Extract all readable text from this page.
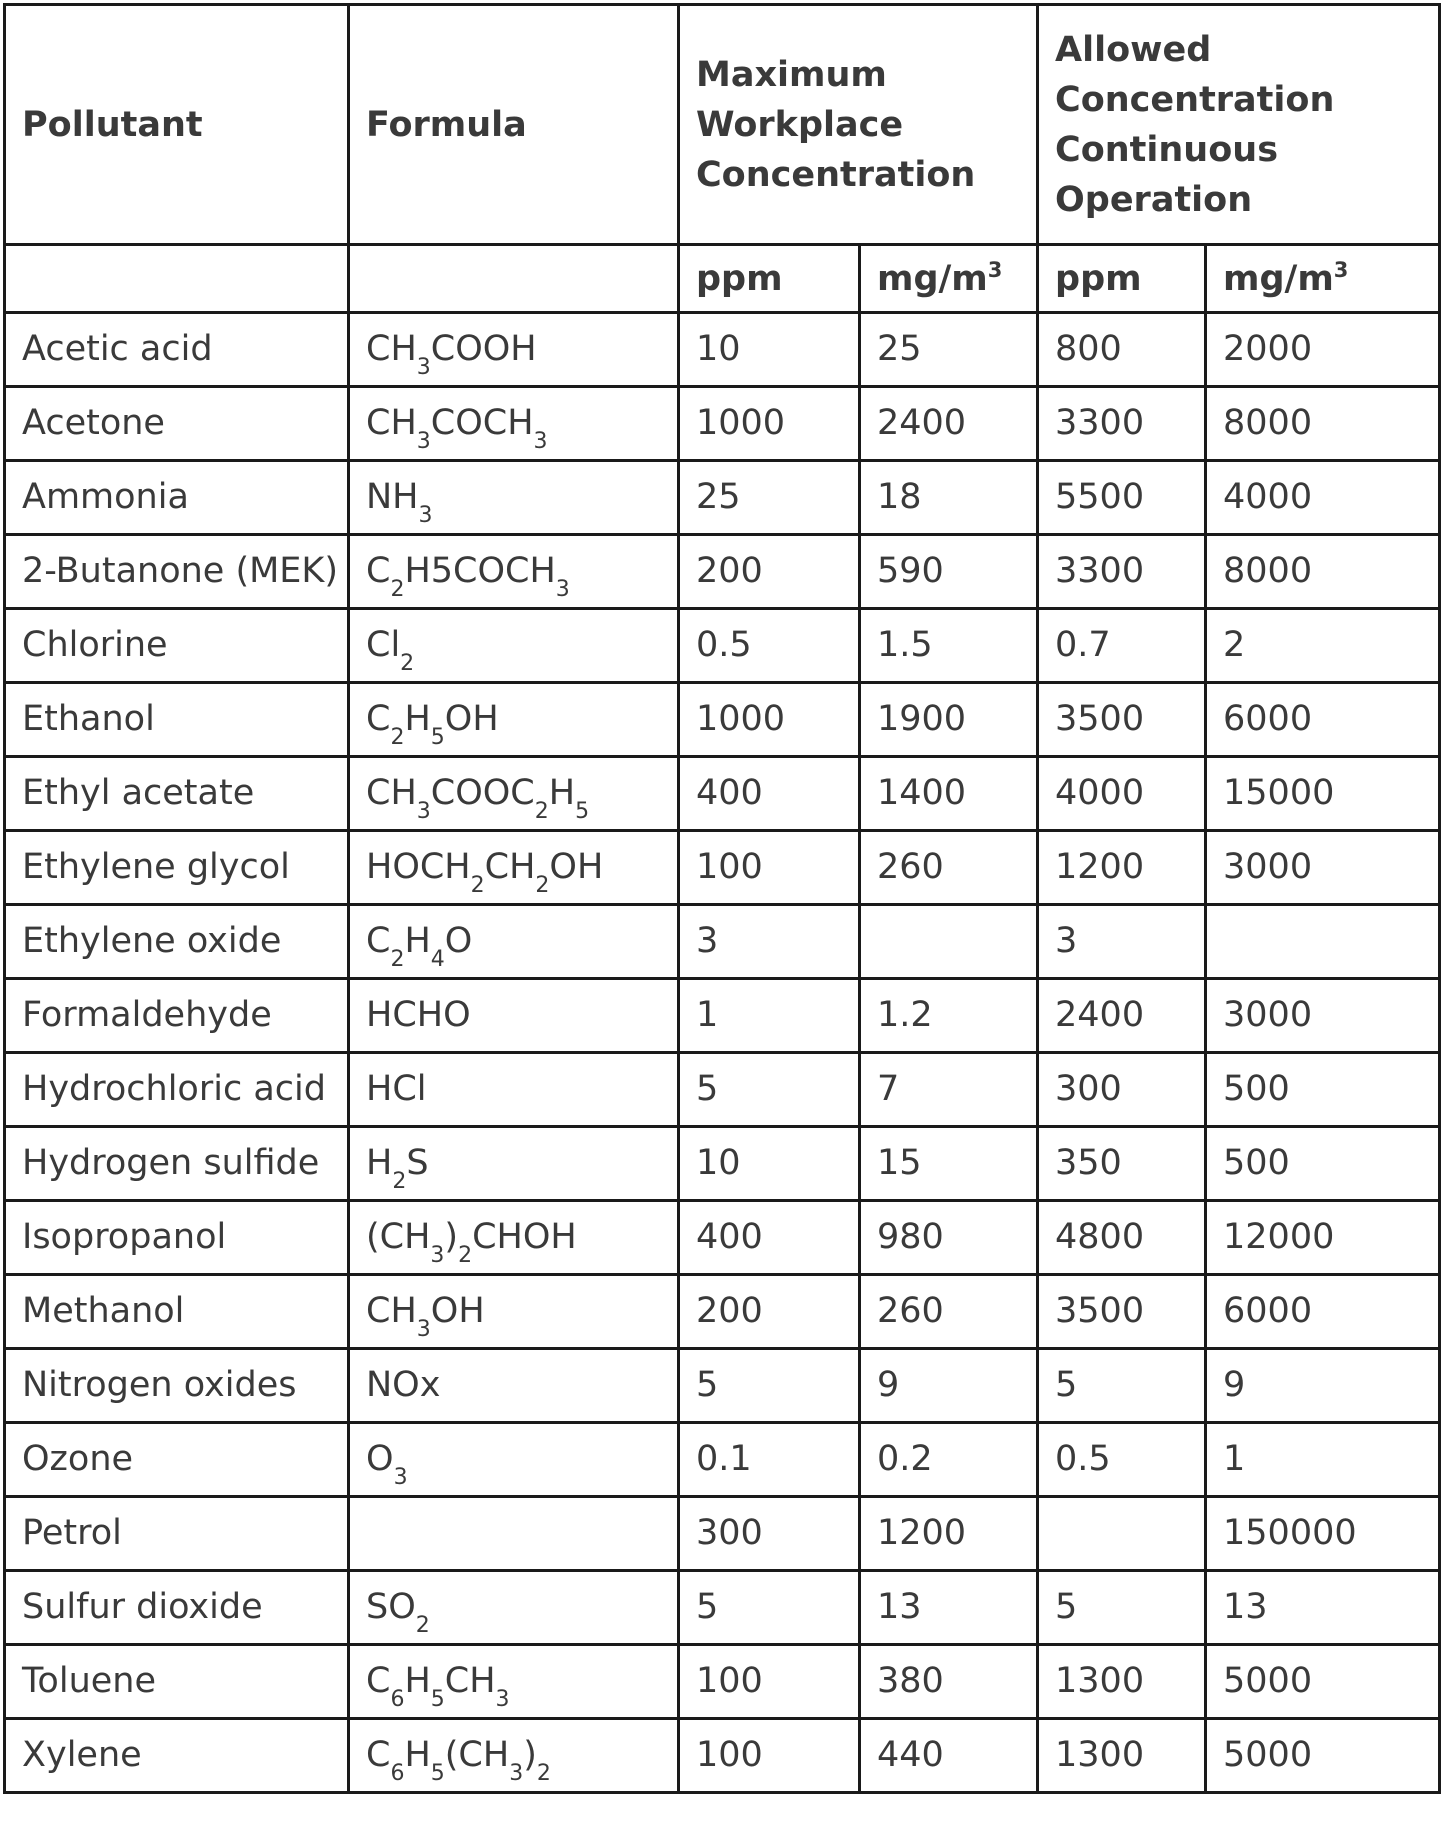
Pollutant	Formula	Maximum Workplace Concentration		Allowed Concentration Continuous Operation	
		ppm	$mg/m^3$	ppm	$mg/m^3$
Acetic acid	$CH_3COOH$	10	25	800	2000
Acetone	$CH_3COCH_3$	1000	2400	3300	8000
Ammonia	$NH_3$	25	18	5500	4000
2-Butanone (MEK)	$C_2H5COCH_3$	200	590	3300	8000
Chlorine	$Cl_2$	0.5	1.5	0.7	2
Ethanol	$C_2H_5OH$	1000	1900	3500	6000
Ethyl acetate	$CH_3COOC_2H_5$	400	1400	4000	15000
Ethylene glycol	$HOCH_2CH_2OH$	100	260	1200	3000
Ethylene oxide	$C_2H_4O$	3		3	
Formaldehyde	HCHO	1	1.2	2400	3000
Hydrochloric acid	HCl	5	7	300	500
Hydrogen sulfide	$H_2S$	10	15	350	500
Isopropanol	$(CH_3)_2CHOH$	400	980	4800	12000
Methanol	$CH_3OH$	200	260	3500	6000
Nitrogen oxides	NOx	5	9	5	9
Ozone	$O_3$	0.1	0.2	0.5	1
Petrol		300	1200		150000
Sulfur dioxide	$SO_2$	5	13	5	13
Toluene	$C_6H_5CH_3$	100	380	1300	5000
Xylene	$C_6H_5(CH_3)_2$	100	440	1300	5000
